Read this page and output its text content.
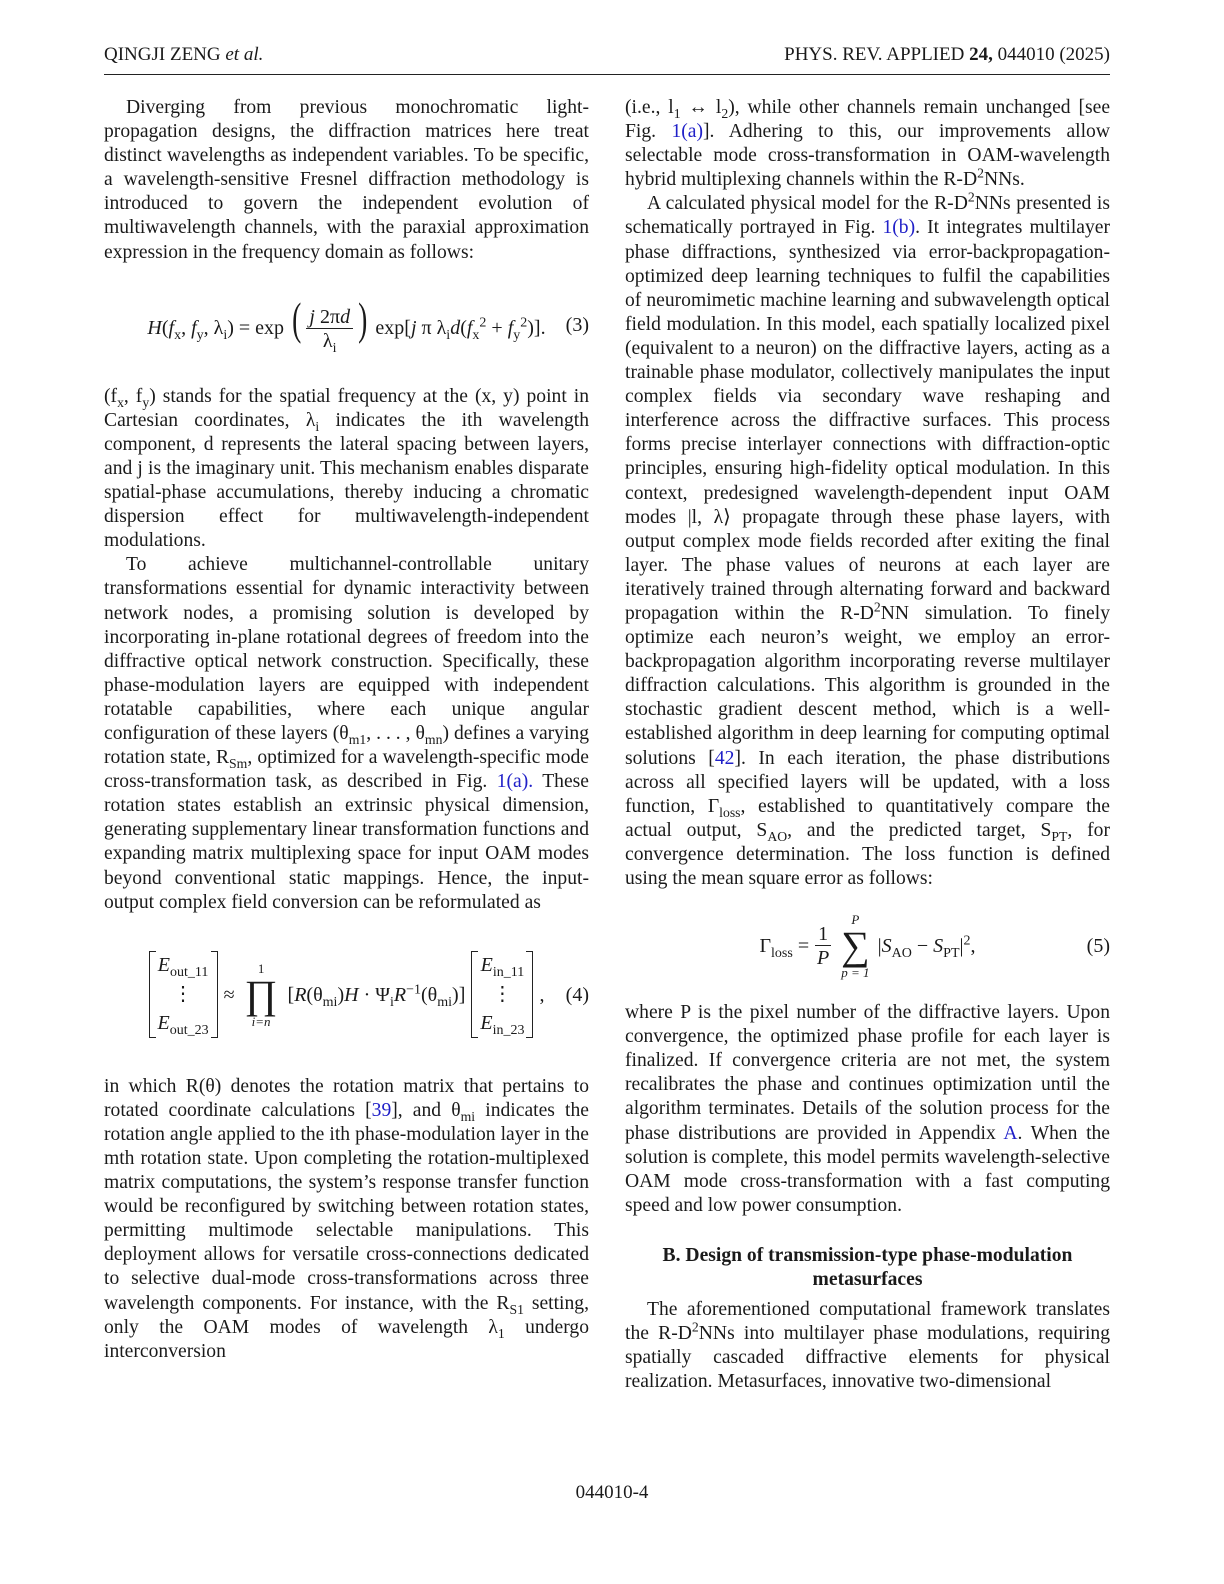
QINGJI ZENG et al.	PHYS. REV. APPLIED 24, 044010 (2025)

Diverging from previous monochromatic light-propagation designs, the diffraction matrices here treat distinct wavelengths as independent variables. To be specific, a wavelength-sensitive Fresnel diffraction methodology is introduced to govern the independent evolution of multiwavelength channels, with the paraxial approximation expression in the frequency domain as follows:

$H(f_x$, $f_y$, $\lambda_i) = \exp$ ( $\frac{j 2\pi d}{\lambda_i}$ ) exp[j π $\lambda_id(f_x^2 + f_y^2)$]. (3)

($f_x$, $f_y$) stands for the spatial frequency at the (x, y) point in Cartesian coordinates, $\lambda_i$ indicates the ith wavelength component, d represents the lateral spacing between layers, and j is the imaginary unit. This mechanism enables disparate spatial-phase accumulations, thereby inducing a chromatic dispersion effect for multiwavelength-independent modulations.

To achieve multichannel-controllable unitary transformations essential for dynamic interactivity between network nodes, a promising solution is developed by incorporating in-plane rotational degrees of freedom into the diffractive optical network construction. Specifically, these phase-modulation layers are equipped with independent rotatable capabilities, where each unique angular configuration of these layers ($\theta_{m1}$, . . . , $\theta_{mn}$) defines a varying rotation state, $R_{Sm}$, optimized for a wavelength-specific mode cross-transformation task, as described in Fig. 1(a). These rotation states establish an extrinsic physical dimension, generating supplementary linear transformation functions and expanding matrix multiplexing space for input OAM modes beyond conventional static mappings. Hence, the input-output complex field conversion can be reformulated as

$E_{out\_11}$
⋮
$E_{out\_23}$
≈
1
∏
i=n
$[R(\theta_{mi})H \cdot \Psi_iR^{-1}(\theta_{mi})]$
$E_{in\_11}$
⋮
$E_{in\_23}$
, (4)

in which R(θ) denotes the rotation matrix that pertains to rotated coordinate calculations [39], and $\theta_{mi}$ indicates the rotation angle applied to the ith phase-modulation layer in the mth rotation state. Upon completing the rotation-multiplexed matrix computations, the system’s response transfer function would be reconfigured by switching between rotation states, permitting multimode selectable manipulations. This deployment allows for versatile cross-connections dedicated to selective dual-mode cross-transformations across three wavelength components. For instance, with the $R_{S1}$ setting, only the OAM modes of wavelength $\lambda_1$ undergo interconversion

(i.e., $l_1$ ↔ $l_2$), while other channels remain unchanged [see Fig. 1(a)]. Adhering to this, our improvements allow selectable mode cross-transformation in OAM-wavelength hybrid multiplexing channels within the $R-D^2NNs$.

A calculated physical model for the $R-D^2NNs$ presented is schematically portrayed in Fig. 1(b). It integrates multilayer phase diffractions, synthesized via error-backpropagation-optimized deep learning techniques to fulfil the capabilities of neuromimetic machine learning and subwavelength optical field modulation. In this model, each spatially localized pixel (equivalent to a neuron) on the diffractive layers, acting as a trainable phase modulator, collectively manipulates the input complex fields via secondary wave reshaping and interference across the diffractive surfaces. This process forms precise interlayer connections with diffraction-optic principles, ensuring high-fidelity optical modulation. In this context, predesigned wavelength-dependent input OAM modes |l, λ⟩ propagate through these phase layers, with output complex mode fields recorded after exiting the final layer. The phase values of neurons at each layer are iteratively trained through alternating forward and backward propagation within the $R-D^2NN$ simulation. To finely optimize each neuron’s weight, we employ an error-backpropagation algorithm incorporating reverse multilayer diffraction calculations. This algorithm is grounded in the stochastic gradient descent method, which is a well-established algorithm in deep learning for computing optimal solutions [42]. In each iteration, the phase distributions across all specified layers will be updated, with a loss function, $\Gamma_{loss}$, established to quantitatively compare the actual output, $S_{AO}$, and the predicted target, $S_{PT}$, for convergence determination. The loss function is defined using the mean square error as follows:

$\Gamma_{loss} = \frac{1}{P}$
P
∑
p = 1
$|S_{AO} - S_{PT}|^2$,	(5)

where P is the pixel number of the diffractive layers. Upon convergence, the optimized phase profile for each layer is finalized. If convergence criteria are not met, the system recalibrates the phase and continues optimization until the algorithm terminates. Details of the solution process for the phase distributions are provided in Appendix A. When the solution is complete, this model permits wavelength-selective OAM mode cross-transformation with a fast computing speed and low power consumption.

B. Design of transmission-type phase-modulation metasurfaces

The aforementioned computational framework translates the $R-D^2NNs$ into multilayer phase modulations, requiring spatially cascaded diffractive elements for physical realization. Metasurfaces, innovative two-dimensional

044010-4
